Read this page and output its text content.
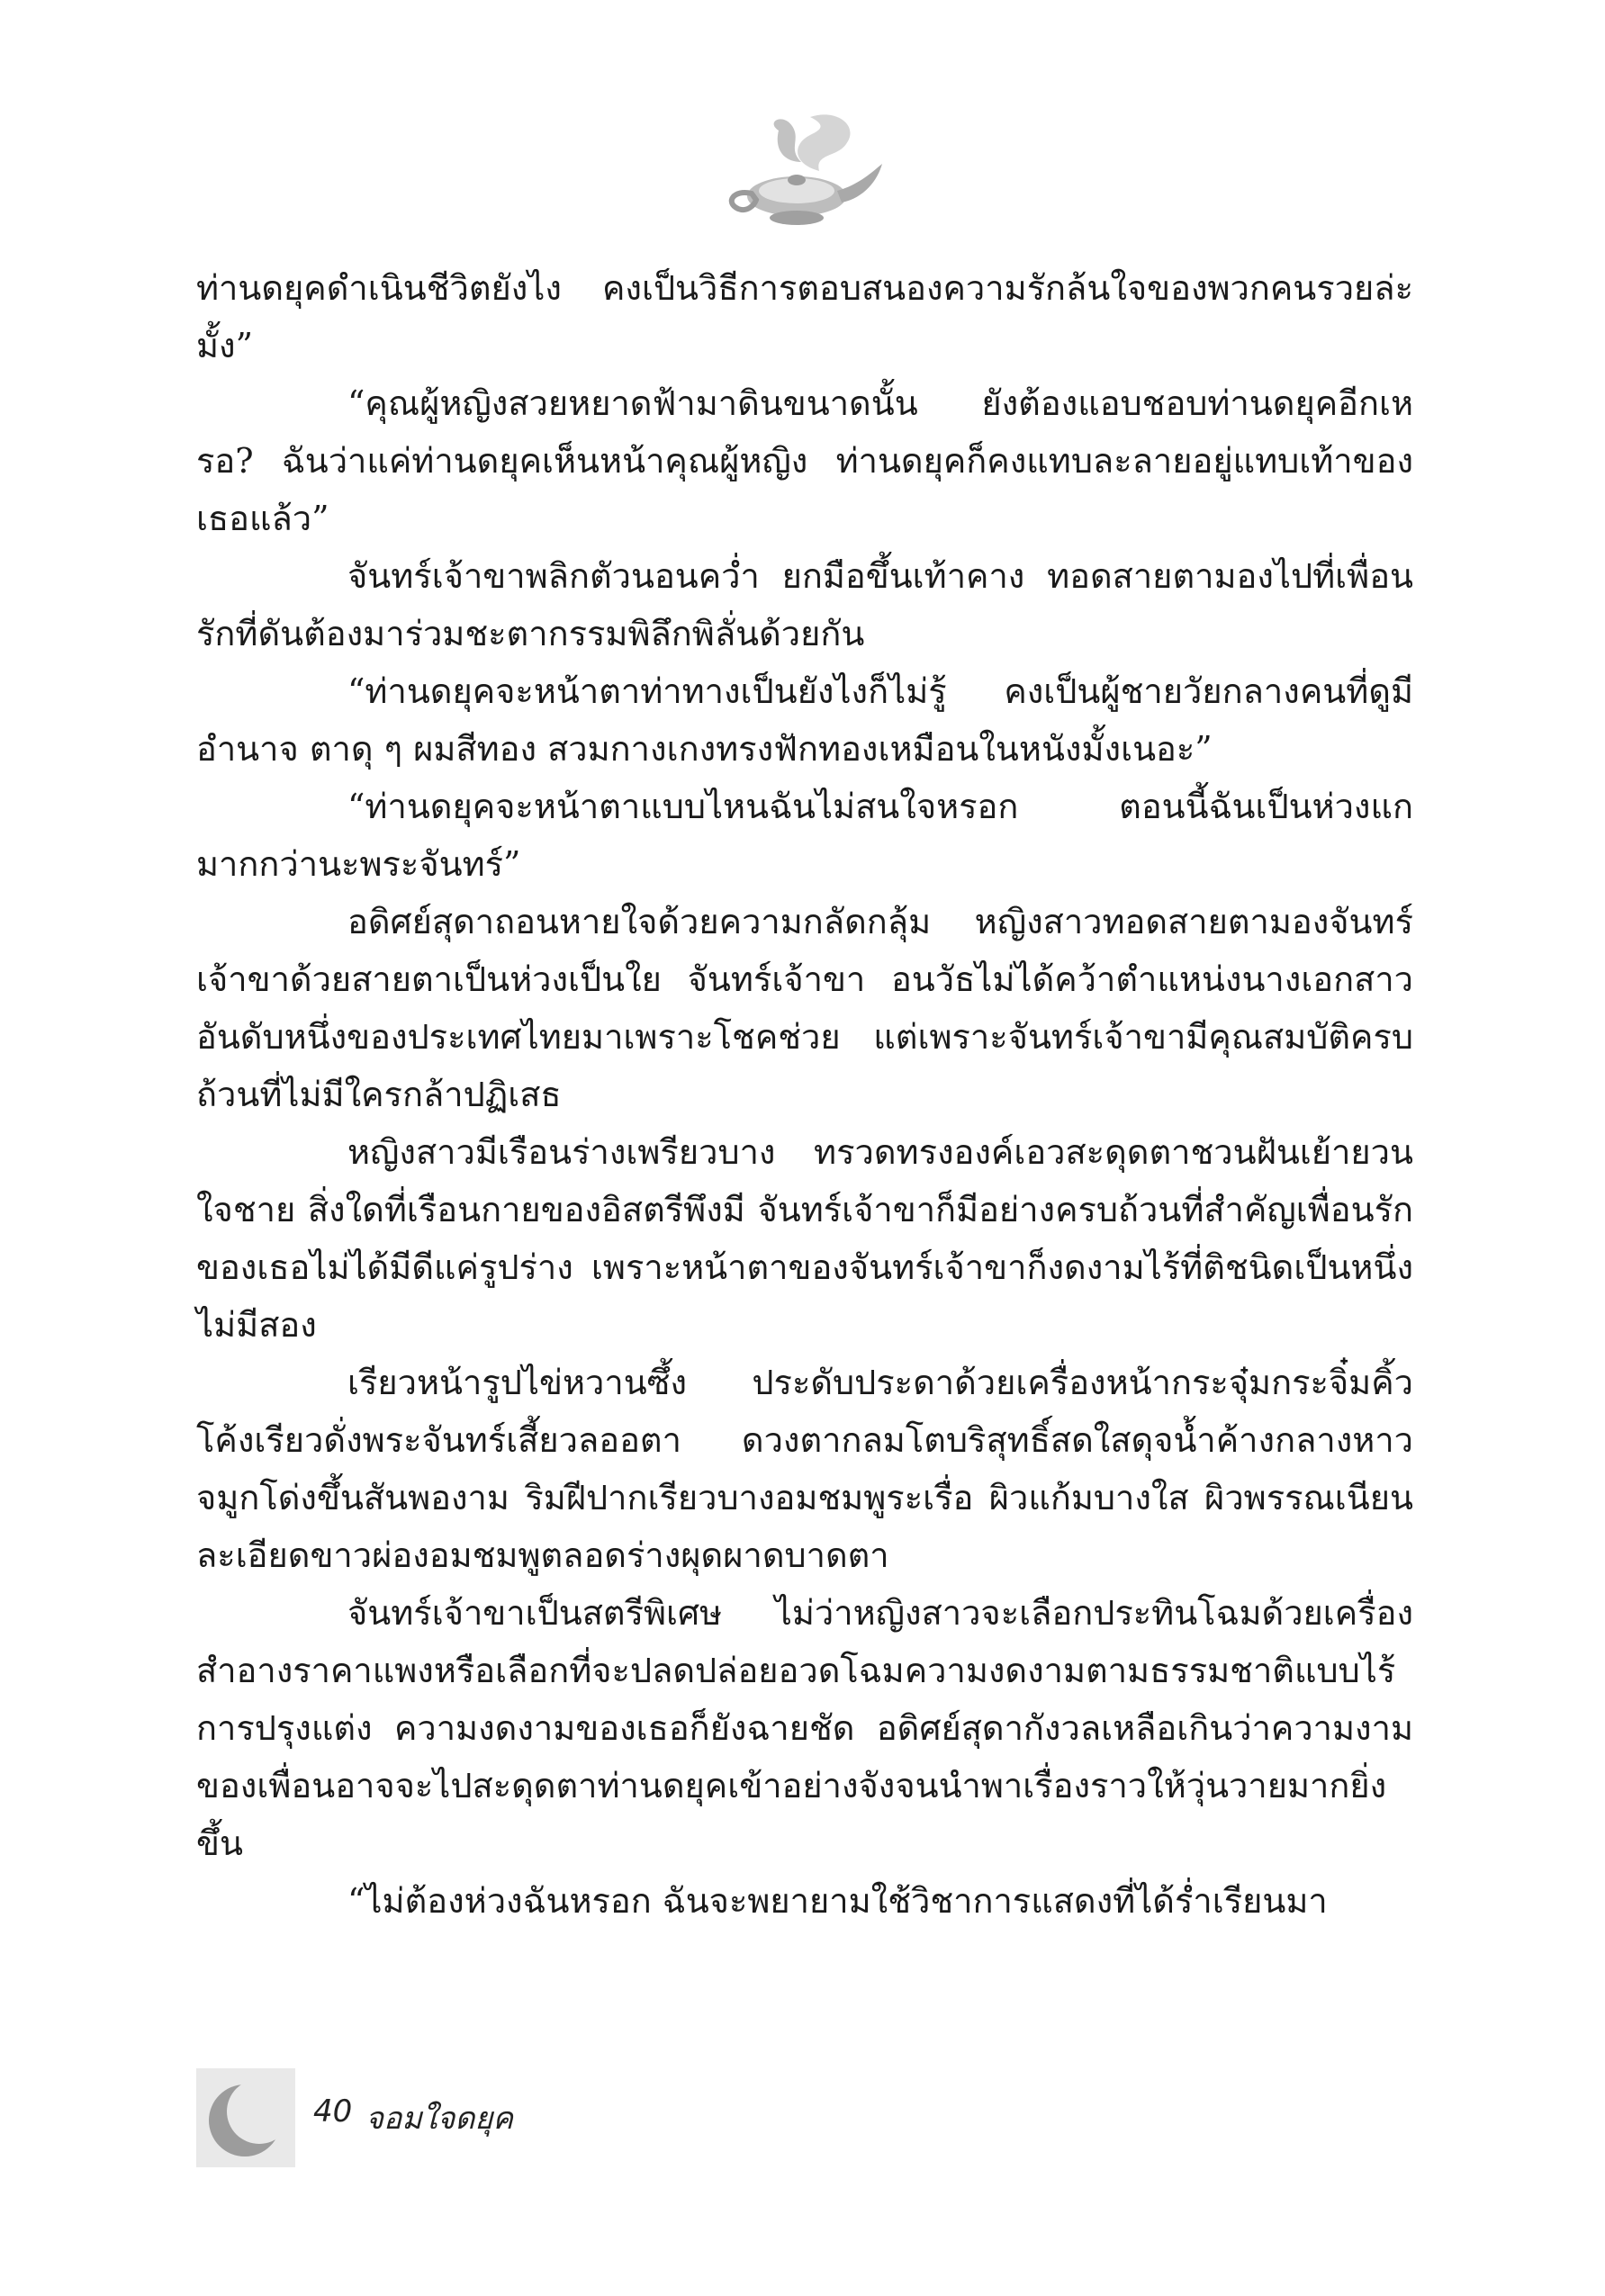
ท่านดยุคดำเนินชีวิตยังไง คงเป็นวิธีการตอบสนองความรักล้นใจของพวกคนรวยล่ะมั้ง”

“คุณผู้หญิงสวยหยาดฟ้ามาดินขนาดนั้น ยังต้องแอบชอบท่านดยุคอีกเหรอ? ฉันว่าแค่ท่านดยุคเห็นหน้าคุณผู้หญิง ท่านดยุคก็คงแทบละลายอยู่แทบเท้าของเธอแล้ว”

จันทร์เจ้าขาพลิกตัวนอนคว่ำ ยกมือขึ้นเท้าคาง ทอดสายตามองไปที่เพื่อนรักที่ดันต้องมาร่วมชะตากรรมพิลึกพิลั่นด้วยกัน

“ท่านดยุคจะหน้าตาท่าทางเป็นยังไงก็ไม่รู้ คงเป็นผู้ชายวัยกลางคนที่ดูมีอำนาจ ตาดุ ๆ ผมสีทอง สวมกางเกงทรงฟักทองเหมือนในหนังมั้งเนอะ”

“ท่านดยุคจะหน้าตาแบบไหนฉันไม่สนใจหรอก ตอนนี้ฉันเป็นห่วงแกมากกว่านะพระจันทร์”

อดิศย์สุดาถอนหายใจด้วยความกลัดกลุ้ม หญิงสาวทอดสายตามองจันทร์เจ้าขาด้วยสายตาเป็นห่วงเป็นใย จันทร์เจ้าขา อนวัธไม่ได้คว้าตำแหน่งนางเอกสาวอันดับหนึ่งของประเทศไทยมาเพราะโชคช่วย แต่เพราะจันทร์เจ้าขามีคุณสมบัติครบถ้วนที่ไม่มีใครกล้าปฏิเสธ

หญิงสาวมีเรือนร่างเพรียวบาง ทรวดทรงองค์เอวสะดุดตาชวนฝันเย้ายวนใจชาย สิ่งใดที่เรือนกายของอิสตรีพึงมี จันทร์เจ้าขาก็มีอย่างครบถ้วนที่สำคัญเพื่อนรักของเธอไม่ได้มีดีแค่รูปร่าง เพราะหน้าตาของจันทร์เจ้าขาก็งดงามไร้ที่ติชนิดเป็นหนึ่งไม่มีสอง

เรียวหน้ารูปไข่หวานซึ้ง ประดับประดาด้วยเครื่องหน้ากระจุ๋มกระจิ๋มคิ้วโค้งเรียวดั่งพระจันทร์เสี้ยวลออตา ดวงตากลมโตบริสุทธิ์สดใสดุจน้ำค้างกลางหาว จมูกโด่งขึ้นสันพองาม ริมฝีปากเรียวบางอมชมพูระเรื่อ ผิวแก้มบางใส ผิวพรรณเนียนละเอียดขาวผ่องอมชมพูตลอดร่างผุดผาดบาดตา

จันทร์เจ้าขาเป็นสตรีพิเศษ ไม่ว่าหญิงสาวจะเลือกประทินโฉมด้วยเครื่องสำอางราคาแพงหรือเลือกที่จะปลดปล่อยอวดโฉมความงดงามตามธรรมชาติแบบไร้การปรุงแต่ง ความงดงามของเธอก็ยังฉายชัด อดิศย์สุดากังวลเหลือเกินว่าความงามของเพื่อนอาจจะไปสะดุดตาท่านดยุคเข้าอย่างจังจนนำพาเรื่องราวให้วุ่นวายมากยิ่งขึ้น

“ไม่ต้องห่วงฉันหรอก ฉันจะพยายามใช้วิชาการแสดงที่ได้ร่ำเรียนมา

40 จอมใจดยุค
